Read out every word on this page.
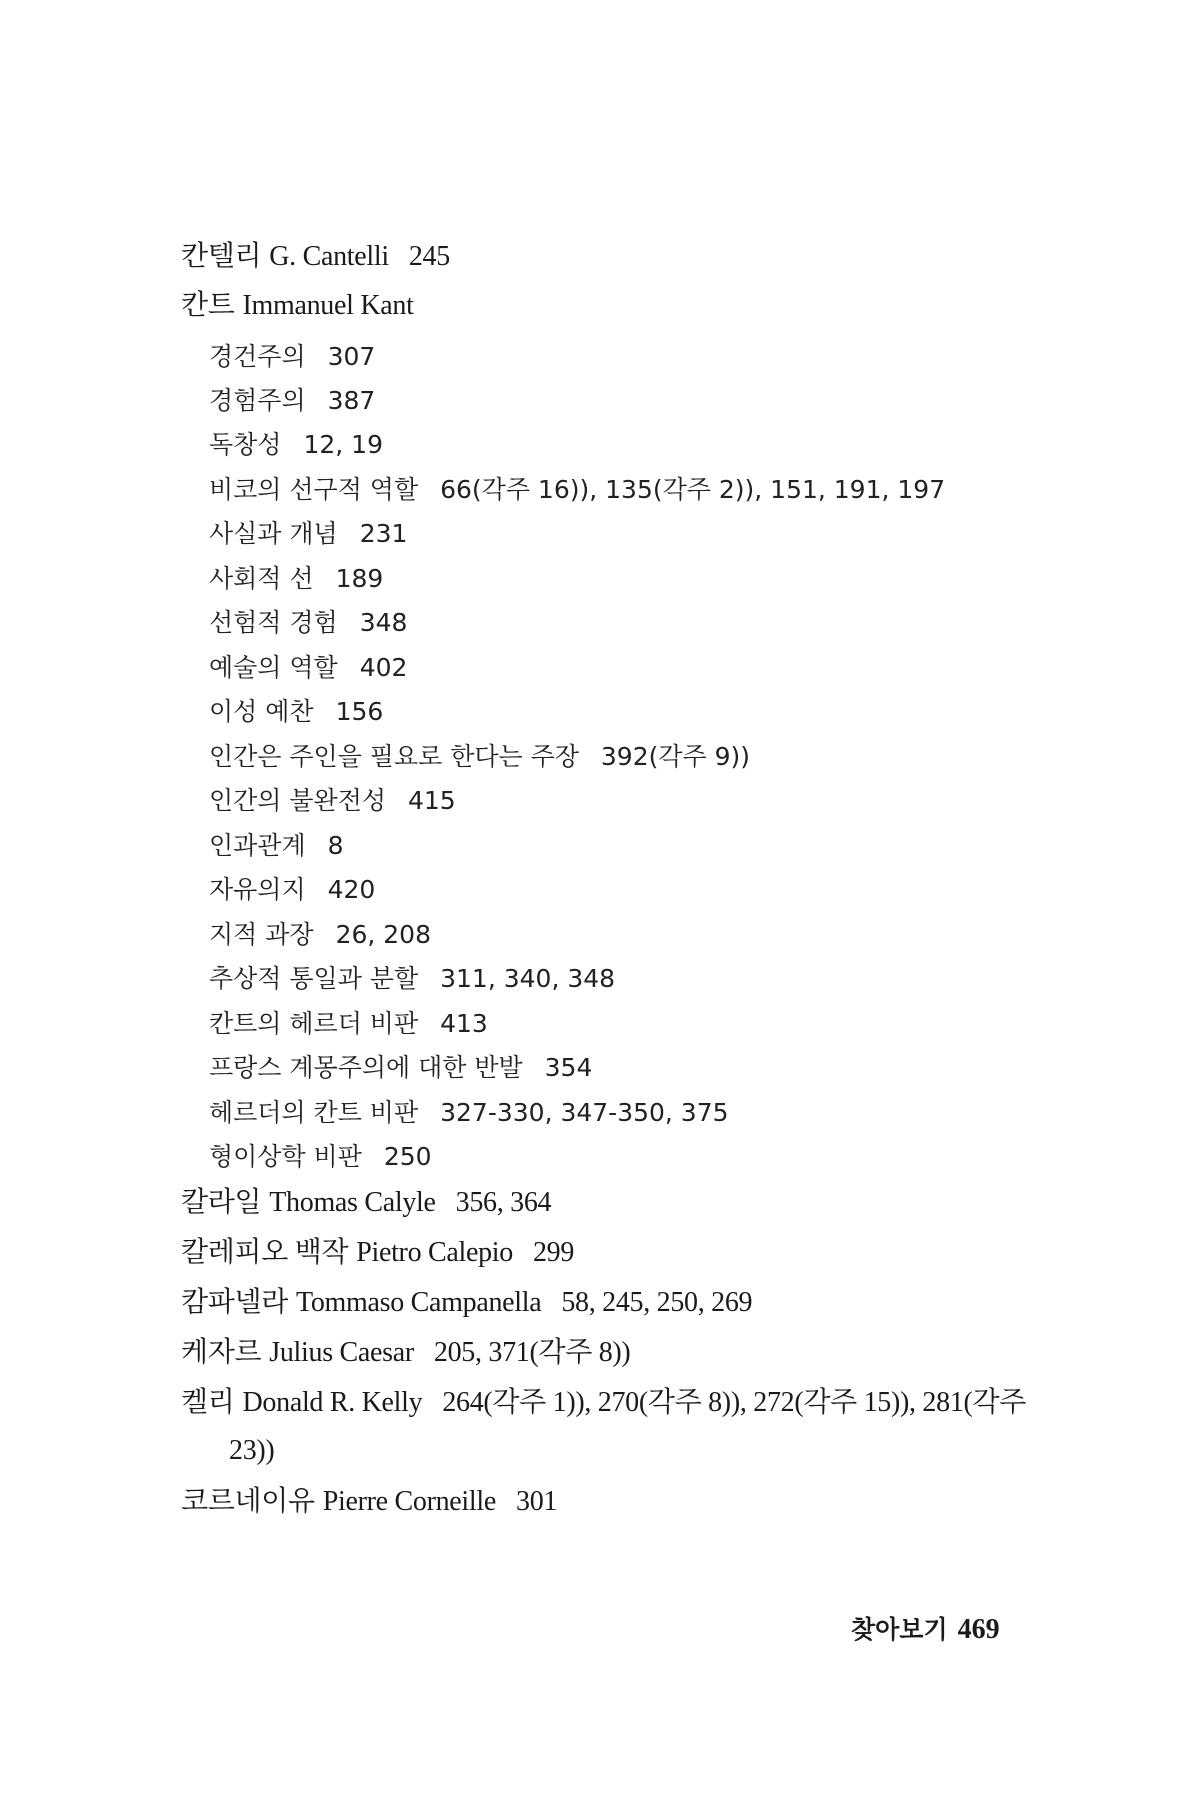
칸텔리 G. Cantelli 245
칸트 Immanuel Kant
경건주의 307
경험주의 387
독창성 12, 19
비코의 선구적 역할 66(각주 16)), 135(각주 2)), 151, 191, 197
사실과 개념 231
사회적 선 189
선험적 경험 348
예술의 역할 402
이성 예찬 156
인간은 주인을 필요로 한다는 주장 392(각주 9))
인간의 불완전성 415
인과관계 8
자유의지 420
지적 과장 26, 208
추상적 통일과 분할 311, 340, 348
칸트의 헤르더 비판 413
프랑스 계몽주의에 대한 반발 354
헤르더의 칸트 비판 327-330, 347-350, 375
형이상학 비판 250
칼라일 Thomas Calyle 356, 364
칼레피오 백작 Pietro Calepio 299
캄파넬라 Tommaso Campanella 58, 245, 250, 269
케자르 Julius Caesar 205, 371(각주 8))
켈리 Donald R. Kelly 264(각주 1)), 270(각주 8)), 272(각주 15)), 281(각주
23))
코르네이유 Pierre Corneille 301
찾아보기 469
